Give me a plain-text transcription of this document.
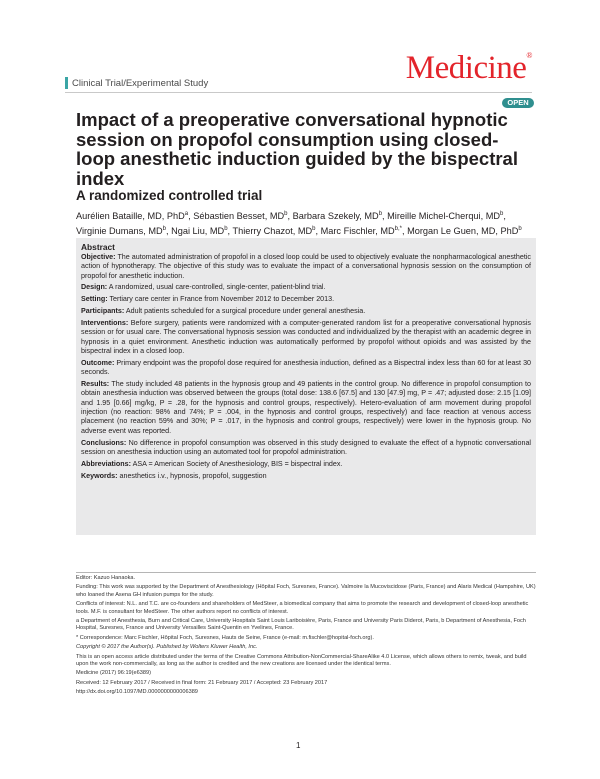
Clinical Trial/Experimental Study	Medicine®
OPEN
Impact of a preoperative conversational hypnotic session on propofol consumption using closed-loop anesthetic induction guided by the bispectral index
A randomized controlled trial
Aurélien Bataille, MD, PhD$^a$, Sébastien Besset, $MD^b$, Barbara Szekely, $MD^b$, Mireille Michel-Cherqui, $MD^b$, Virginie Dumans, $MD^b$, Ngai Liu, $MD^b$, Thierry Chazot, $MD^b$, Marc Fischler, $MD^{b,*}$, Morgan Le Guen, MD, PhD$^b$
Abstract

Objective: The automated administration of propofol in a closed loop could be used to objectively evaluate the nonpharmacological anesthetic action of hypnotherapy. The objective of this study was to evaluate the impact of a conversational hypnosis session on the consumption of propofol for anesthetic induction.

Design: A randomized, usual care-controlled, single-center, patient-blind trial.

Setting: Tertiary care center in France from November 2012 to December 2013.

Participants: Adult patients scheduled for a surgical procedure under general anesthesia.

Interventions: Before surgery, patients were randomized with a computer-generated random list for a preoperative conversational hypnosis session or for usual care. The conversational hypnosis session was conducted and individualized by the therapist with an academic degree in hypnosis in a quiet environment. Anesthetic induction was automatically performed by propofol without opioids and was assisted by the bispectral index in a closed loop.

Outcome: Primary endpoint was the propofol dose required for anesthesia induction, defined as a Bispectral index less than 60 for at least 30 seconds.

Results: The study included 48 patients in the hypnosis group and 49 patients in the control group. No difference in propofol consumption to obtain anesthesia induction was observed between the groups (total dose: 138.6 [67.5] and 130 [47.9] mg, P = .47; adjusted dose: 2.15 [1.09] and 1.95 [0.66] mg/kg, P = .28, for the hypnosis and control groups, respectively). Hetero-evaluation of arm movement during propofol injection (no reaction: 98% and 74%; P = .004, in the hypnosis and control groups, respectively) and face reaction at venous access placement (no reaction 59% and 30%; P = .017, in the hypnosis and control groups, respectively) were lower in the hypnosis group. No adverse event was reported.

Conclusions: No difference in propofol consumption was observed in this study designed to evaluate the effect of a hypnotic conversational session on anesthesia induction using an automated tool for propofol administration.

Abbreviations: ASA = American Society of Anesthesiology, BIS = bispectral index.

Keywords: anesthetics i.v., hypnosis, propofol, suggestion

Editor: Kazuo Hanaoka.

Funding: This work was supported by the Department of Anesthesiology (Hôpital Foch, Suresnes, France). Valmoire la Mucoviscidose (Paris, France) and Alaris Medical (Hampshire, UK) who loaned the Asena GH infusion pumps for the study.

Conflicts of interest: N.L. and T.C. are co-founders and shareholders of MedSteer, a biomedical company that aims to promote the research and development of closed-loop anesthetic tools. M.F. is consultant for MedSteer. The other authors report no conflicts of interest.

a Department of Anesthesia, Burn and Critical Care, University Hospitals Saint Louis Lariboisière, Paris, France and University Paris Diderot, Paris, b Department of Anesthesia, Foch Hospital, Suresnes, France and University Versailles Saint-Quentin en Yvelines, France.

* Correspondence: Marc Fischler, Hôpital Foch, Suresnes, Hauts de Seine, France (e-mail: m.fischler@hopital-foch.org).

Copyright © 2017 the Author(s). Published by Wolters Kluwer Health, Inc.

This is an open access article distributed under the terms of the Creative Commons Attribution-NonCommercial-ShareAlike 4.0 License, which allows others to remix, tweak, and build upon the work non-commercially, as long as the author is credited and the new creations are licensed under the identical terms.

Medicine (2017) 96:19(e6389)

Received: 12 February 2017 / Received in final form: 21 February 2017 / Accepted: 23 February 2017

http://dx.doi.org/10.1097/MD.0000000000006389

1
